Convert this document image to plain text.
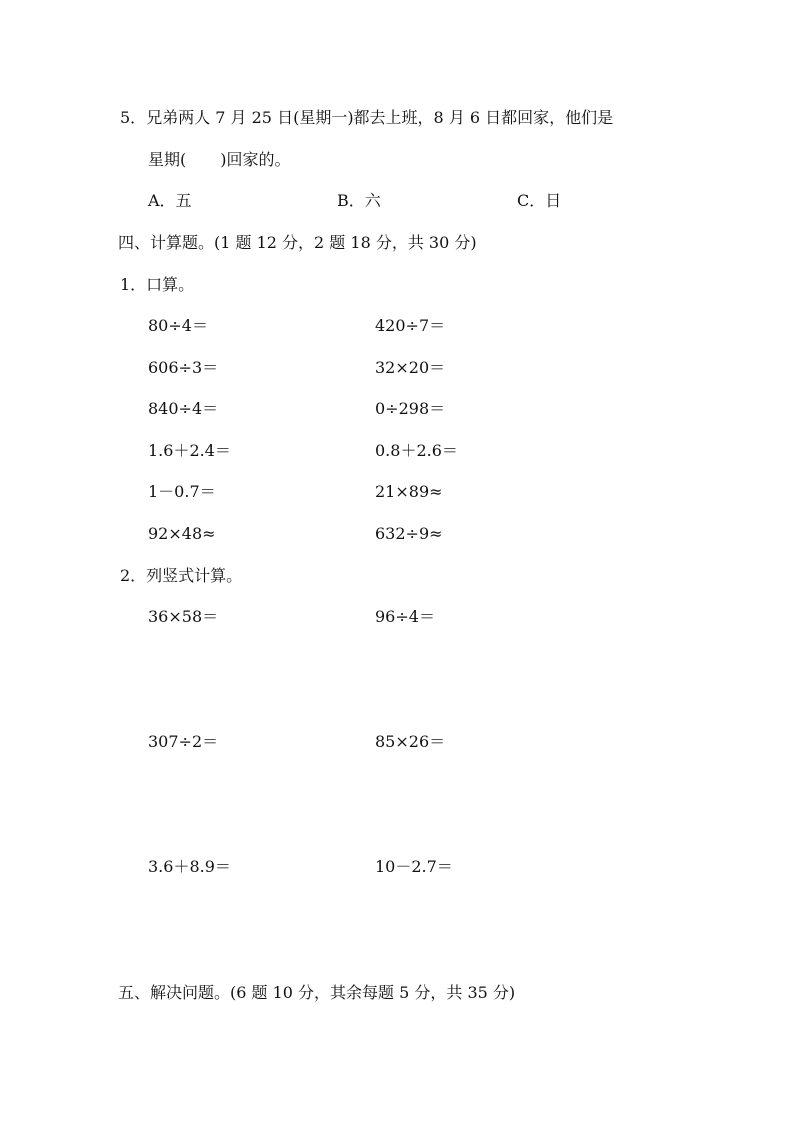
5．兄弟两人 7 月 25 日(星期一)都去上班，8 月 6 日都回家，他们是
星期( )回家的。
A．五	B．六	C．日
四、计算题。(1 题 12 分，2 题 18 分，共 30 分)
1．口算。
80÷4＝	420÷7＝
606÷3＝	32×20＝
840÷4＝	0÷298＝
1.6＋2.4＝	0.8＋2.6＝
1－0.7＝	21×89≈
92×48≈	632÷9≈
2．列竖式计算。
36×58＝	96÷4＝
307÷2＝	85×26＝
3.6＋8.9＝	10－2.7＝
五、解决问题。(6 题 10 分，其余每题 5 分，共 35 分)
